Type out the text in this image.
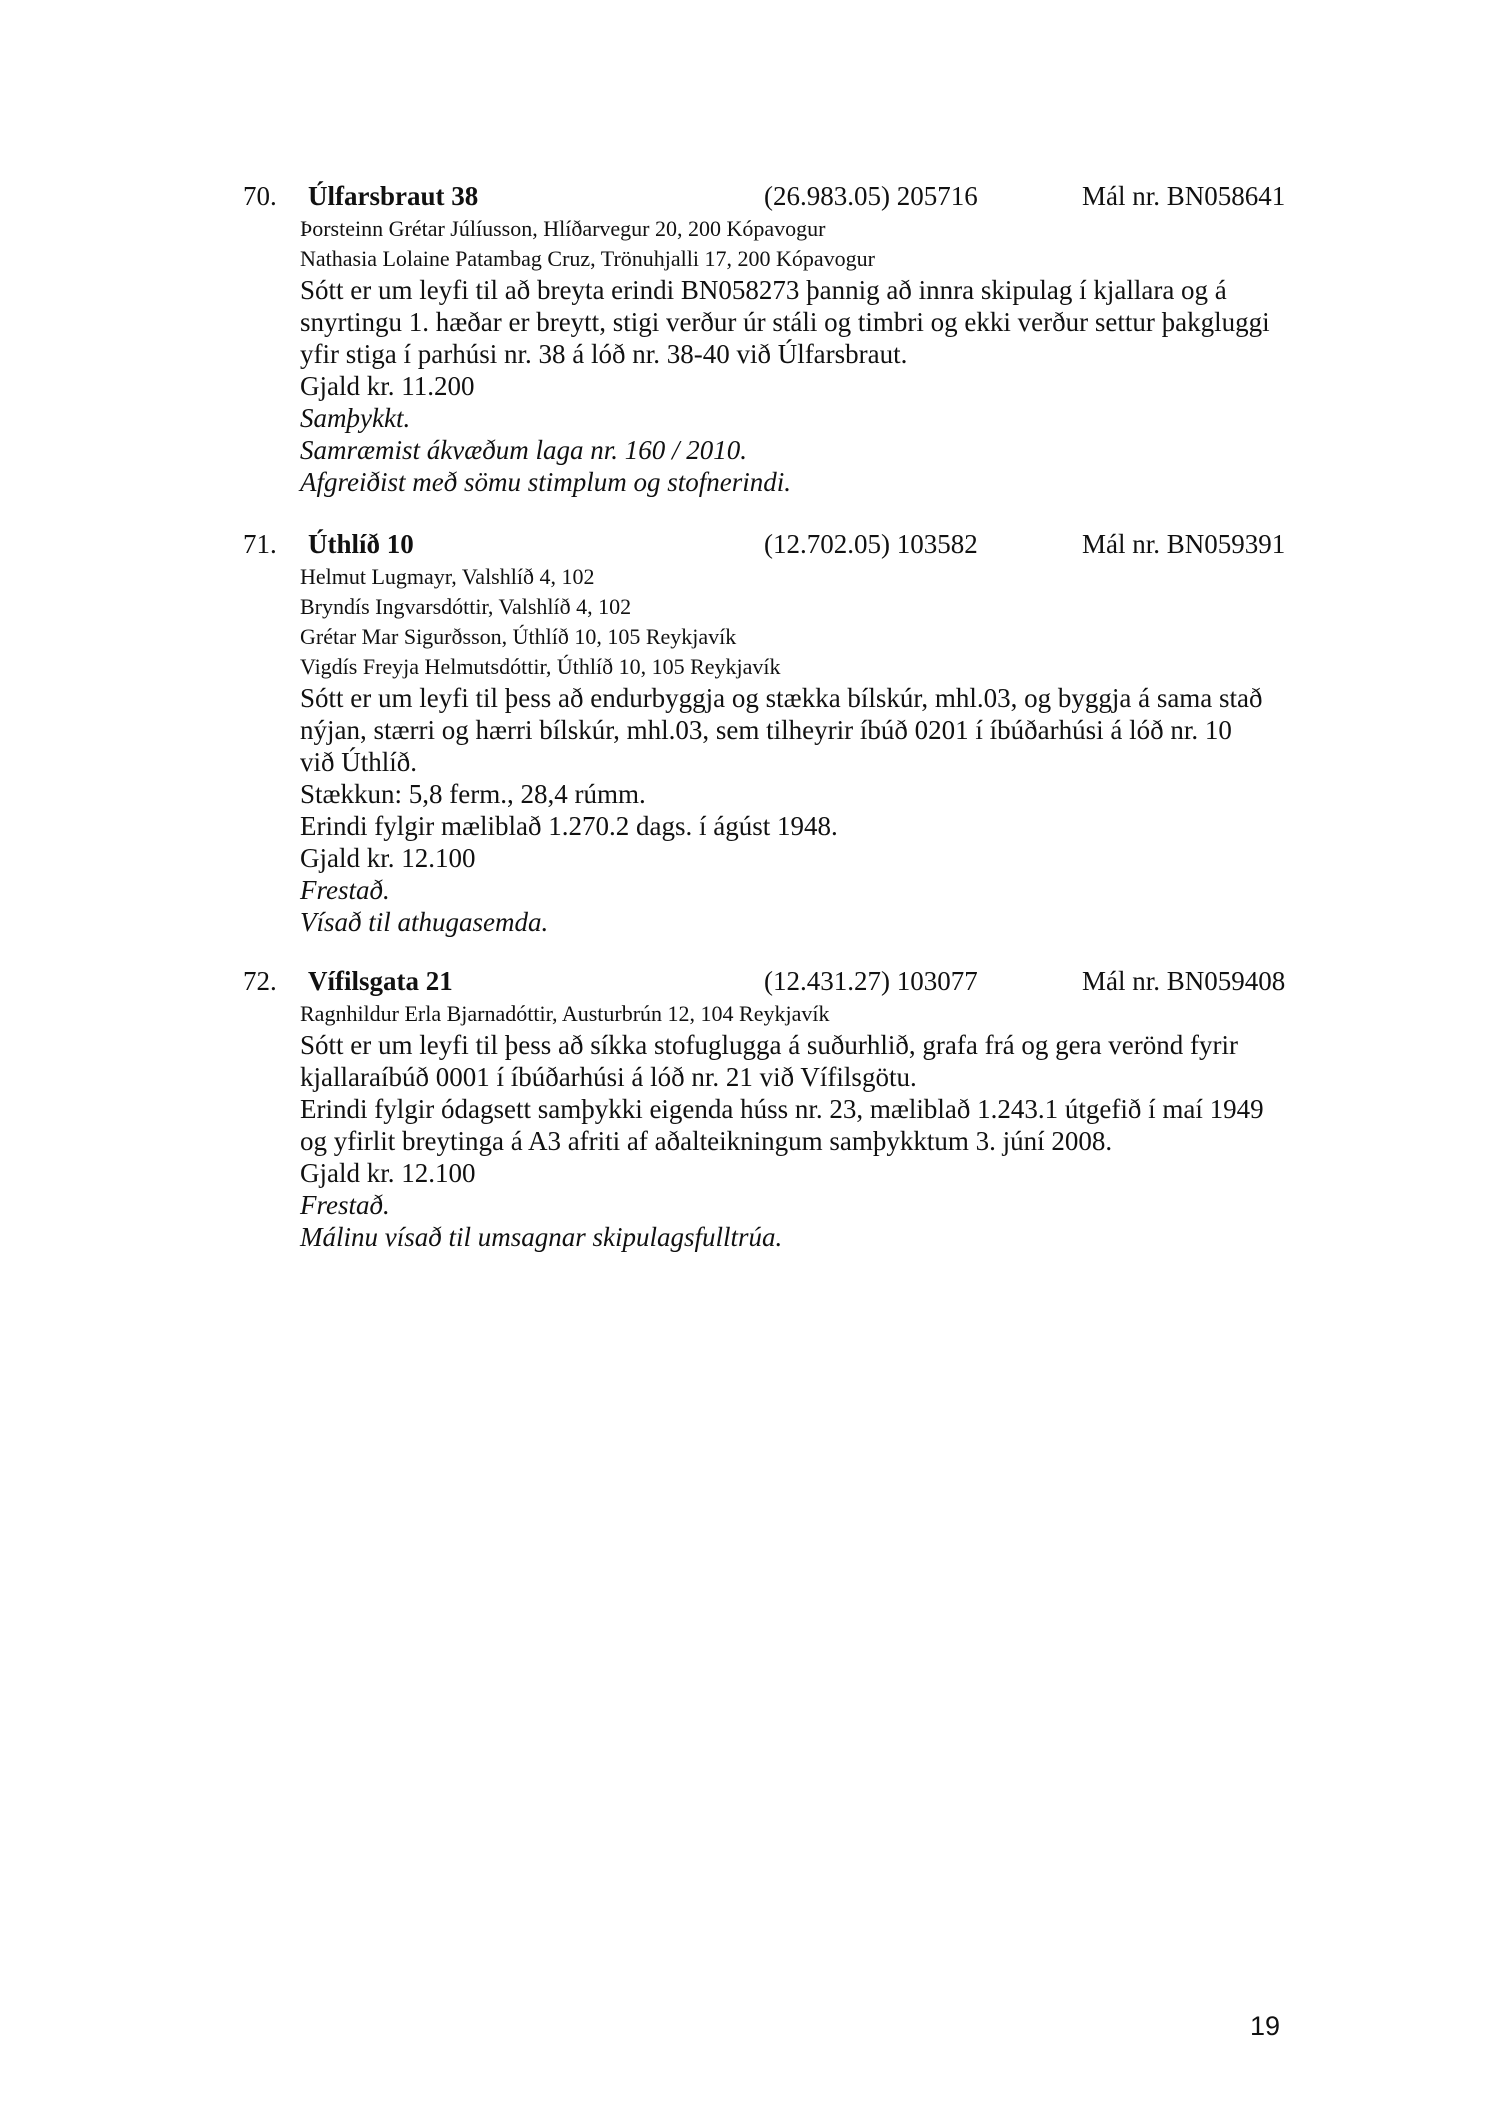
70. Úlfarsbraut 38	(26.983.05) 205716	Mál nr. BN058641
Þorsteinn Grétar Júlíusson, Hlíðarvegur 20, 200 Kópavogur
Nathasia Lolaine Patambag Cruz, Trönuhjalli 17, 200 Kópavogur
Sótt er um leyfi til að breyta erindi BN058273 þannig að innra skipulag í kjallara og á
snyrtingu 1. hæðar er breytt, stigi verður úr stáli og timbri og ekki verður settur þakgluggi
yfir stiga í parhúsi nr. 38 á lóð nr. 38-40 við Úlfarsbraut.
Gjald kr. 11.200
Samþykkt.
Samræmist ákvæðum laga nr. 160 / 2010.
Afgreiðist með sömu stimplum og stofnerindi.
71. Úthlíð 10	(12.702.05) 103582	Mál nr. BN059391
Helmut Lugmayr, Valshlíð 4, 102
Bryndís Ingvarsdóttir, Valshlíð 4, 102
Grétar Mar Sigurðsson, Úthlíð 10, 105 Reykjavík
Vigdís Freyja Helmutsdóttir, Úthlíð 10, 105 Reykjavík
Sótt er um leyfi til þess að endurbyggja og stækka bílskúr, mhl.03, og byggja á sama stað
nýjan, stærri og hærri bílskúr, mhl.03, sem tilheyrir íbúð 0201 í íbúðarhúsi á lóð nr. 10
við Úthlíð.
Stækkun: 5,8 ferm., 28,4 rúmm.
Erindi fylgir mæliblað 1.270.2 dags. í ágúst 1948.
Gjald kr. 12.100
Frestað.
Vísað til athugasemda.
72. Vífilsgata 21	(12.431.27) 103077	Mál nr. BN059408
Ragnhildur Erla Bjarnadóttir, Austurbrún 12, 104 Reykjavík
Sótt er um leyfi til þess að síkka stofuglugga á suðurhlið, grafa frá og gera verönd fyrir
kjallaraíbúð 0001 í íbúðarhúsi á lóð nr. 21 við Vífilsgötu.
Erindi fylgir ódagsett samþykki eigenda húss nr. 23, mæliblað 1.243.1 útgefið í maí 1949
og yfirlit breytinga á A3 afriti af aðalteikningum samþykktum 3. júní 2008.
Gjald kr. 12.100
Frestað.
Málinu vísað til umsagnar skipulagsfulltrúa.
19
